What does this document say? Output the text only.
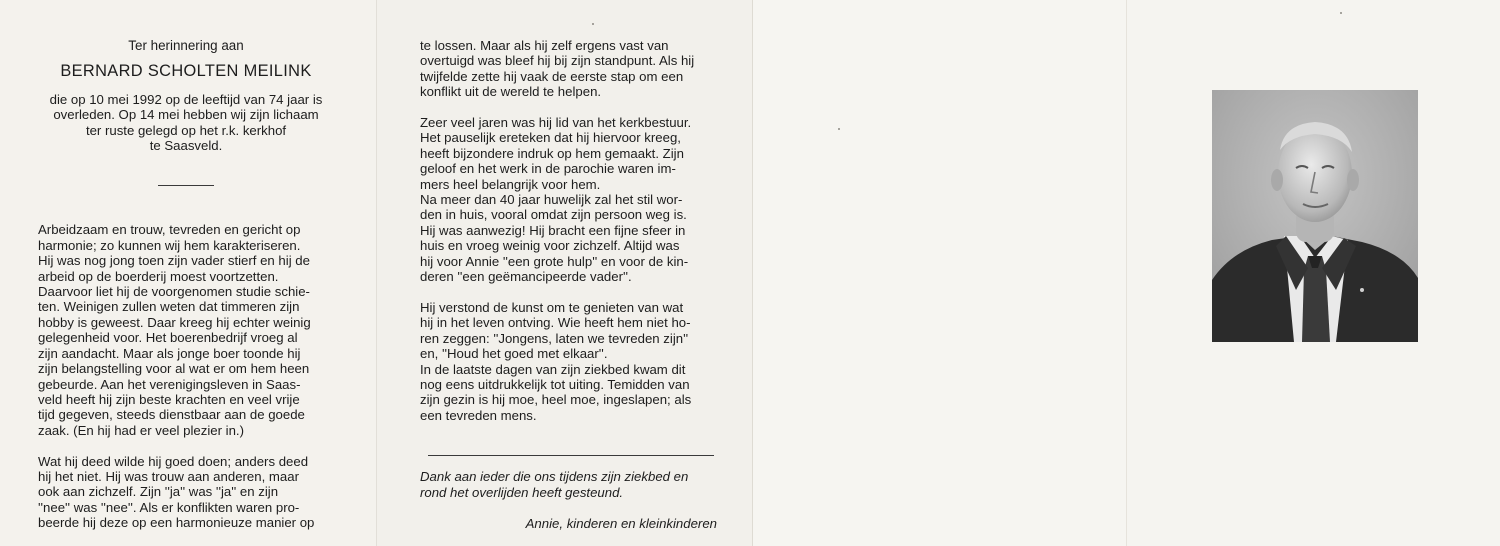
Ter herinnering aan
BERNARD SCHOLTEN MEILINK

die op 10 mei 1992 op de leeftijd van 74 jaar is

overleden. Op 14 mei hebben wij zijn lichaam

ter ruste gelegd op het r.k. kerkhof

te Saasveld.

Arbeidzaam en trouw, tevreden en gericht op

harmonie; zo kunnen wij hem karakteriseren.

Hij was nog jong toen zijn vader stierf en hij de

arbeid op de boerderij moest voortzetten.

Daarvoor liet hij de voorgenomen studie schie-

ten. Weinigen zullen weten dat timmeren zijn

hobby is geweest. Daar kreeg hij echter weinig

gelegenheid voor. Het boerenbedrijf vroeg al

zijn aandacht. Maar als jonge boer toonde hij

zijn belangstelling voor al wat er om hem heen

gebeurde. Aan het verenigingsleven in Saas-

veld heeft hij zijn beste krachten en veel vrije

tijd gegeven, steeds dienstbaar aan de goede

zaak. (En hij had er veel plezier in.)

Wat hij deed wilde hij goed doen; anders deed

hij het niet. Hij was trouw aan anderen, maar

ook aan zichzelf. Zijn ''ja'' was ''ja'' en zijn

''nee'' was ''nee''. Als er konflikten waren pro-

beerde hij deze op een harmonieuze manier op

te lossen. Maar als hij zelf ergens vast van

overtuigd was bleef hij bij zijn standpunt. Als hij

twijfelde zette hij vaak de eerste stap om een

konflikt uit de wereld te helpen.

Zeer veel jaren was hij lid van het kerkbestuur.

Het pauselijk ereteken dat hij hiervoor kreeg,

heeft bijzondere indruk op hem gemaakt. Zijn

geloof en het werk in de parochie waren im-

mers heel belangrijk voor hem.

Na meer dan 40 jaar huwelijk zal het stil wor-

den in huis, vooral omdat zijn persoon weg is.

Hij was aanwezig! Hij bracht een fijne sfeer in

huis en vroeg weinig voor zichzelf. Altijd was

hij voor Annie ''een grote hulp'' en voor de kin-

deren ''een geëmancipeerde vader''.

Hij verstond de kunst om te genieten van wat

hij in het leven ontving. Wie heeft hem niet ho-

ren zeggen: ''Jongens, laten we tevreden zijn''

en, ''Houd het goed met elkaar''.

In de laatste dagen van zijn ziekbed kwam dit

nog eens uitdrukkelijk tot uiting. Temidden van

zijn gezin is hij moe, heel moe, ingeslapen; als

een tevreden mens.

Dank aan ieder die ons tijdens zijn ziekbed en

rond het overlijden heeft gesteund.

Annie, kinderen en kleinkinderen
